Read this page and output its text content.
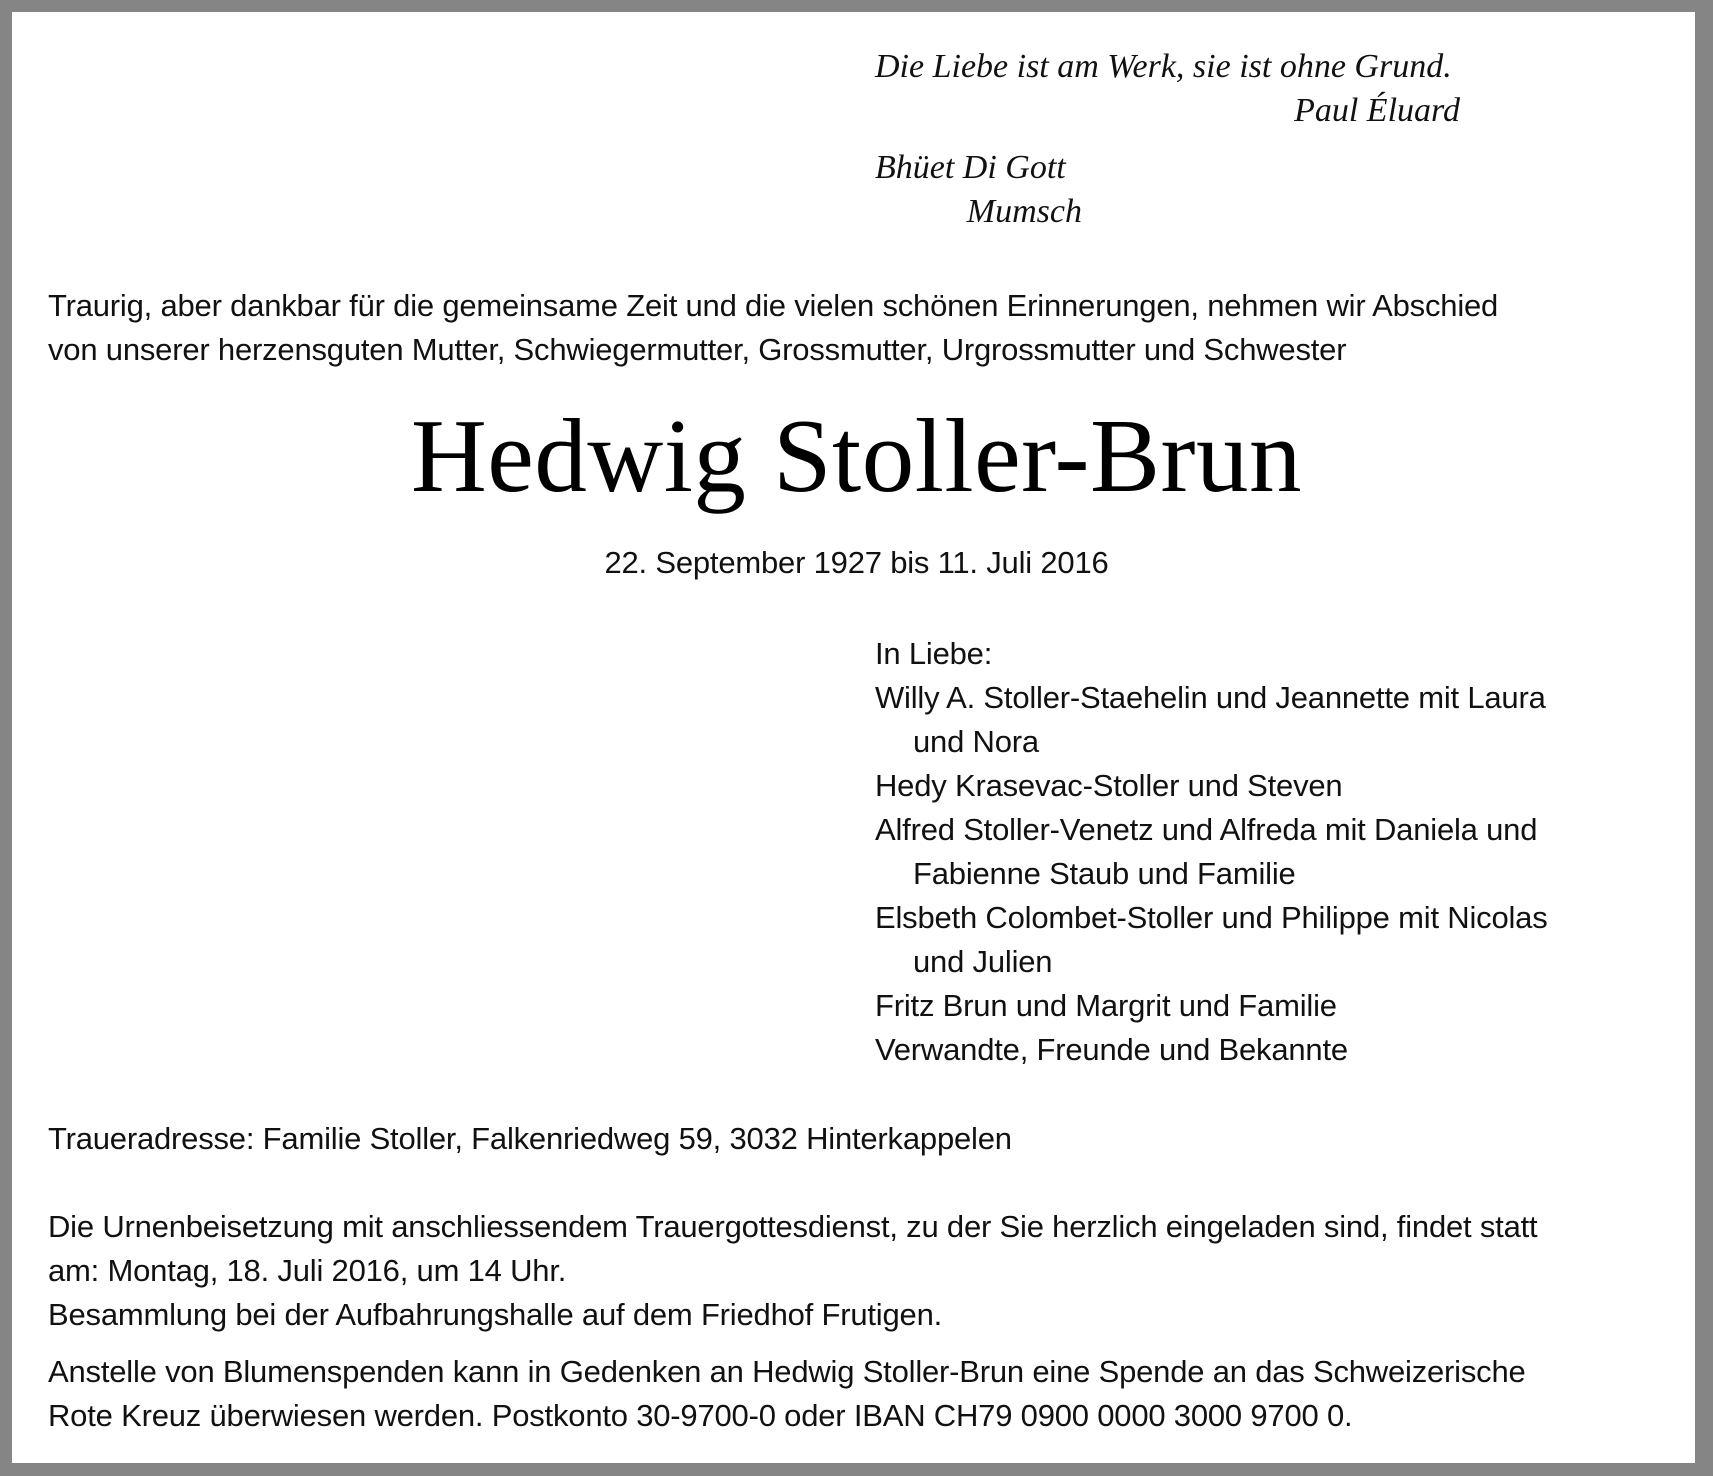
Die Liebe ist am Werk, sie ist ohne Grund.
Paul Éluard
Bhüet Di Gott
Mumsch
Traurig, aber dankbar für die gemeinsame Zeit und die vielen schönen Erinnerungen, nehmen wir Abschied
von unserer herzensguten Mutter, Schwiegermutter, Grossmutter, Urgrossmutter und Schwester
Hedwig Stoller-Brun
22. September 1927 bis 11. Juli 2016
In Liebe:
Willy A. Stoller-Staehelin und Jeannette mit Laura
und Nora
Hedy Krasevac-Stoller und Steven
Alfred Stoller-Venetz und Alfreda mit Daniela und
Fabienne Staub und Familie
Elsbeth Colombet-Stoller und Philippe mit Nicolas
und Julien
Fritz Brun und Margrit und Familie
Verwandte, Freunde und Bekannte
Traueradresse: Familie Stoller, Falkenriedweg 59, 3032 Hinterkappelen
Die Urnenbeisetzung mit anschliessendem Trauergottesdienst, zu der Sie herzlich eingeladen sind, findet statt
am: Montag, 18. Juli 2016, um 14 Uhr.
Besammlung bei der Aufbahrungshalle auf dem Friedhof Frutigen.
Anstelle von Blumenspenden kann in Gedenken an Hedwig Stoller-Brun eine Spende an das Schweizerische
Rote Kreuz überwiesen werden. Postkonto 30-9700-0 oder IBAN CH79 0900 0000 3000 9700 0.
